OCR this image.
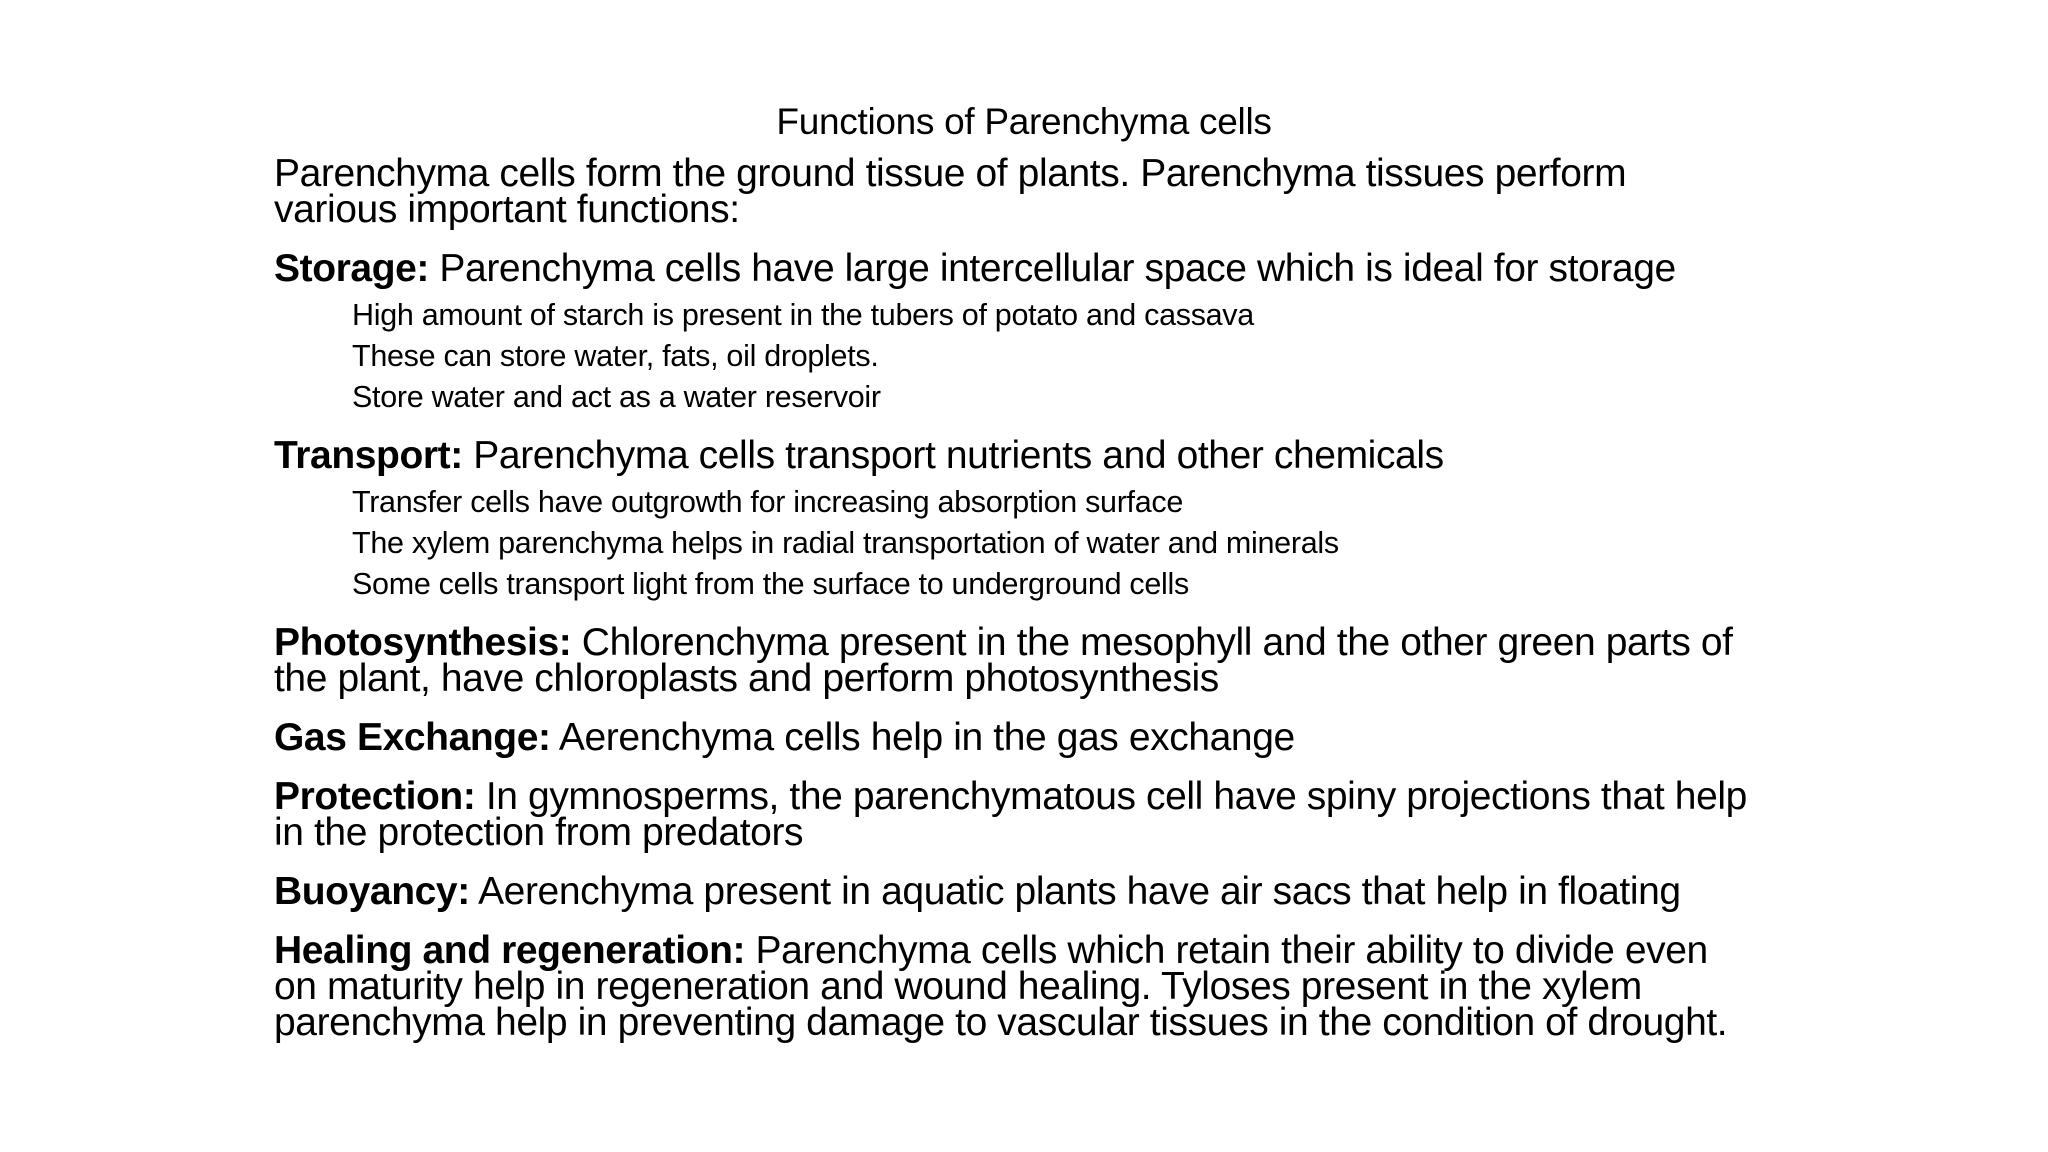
Functions of Parenchyma cells
Parenchyma cells form the ground tissue of plants. Parenchyma tissues perform
various important functions:
Storage: Parenchyma cells have large intercellular space which is ideal for storage
High amount of starch is present in the tubers of potato and cassava
These can store water, fats, oil droplets.
Store water and act as a water reservoir
Transport: Parenchyma cells transport nutrients and other chemicals
Transfer cells have outgrowth for increasing absorption surface
The xylem parenchyma helps in radial transportation of water and minerals
Some cells transport light from the surface to underground cells
Photosynthesis: Chlorenchyma present in the mesophyll and the other green parts of
the plant, have chloroplasts and perform photosynthesis
Gas Exchange: Aerenchyma cells help in the gas exchange
Protection: In gymnosperms, the parenchymatous cell have spiny projections that help
in the protection from predators
Buoyancy: Aerenchyma present in aquatic plants have air sacs that help in floating
Healing and regeneration: Parenchyma cells which retain their ability to divide even
on maturity help in regeneration and wound healing. Tyloses present in the xylem
parenchyma help in preventing damage to vascular tissues in the condition of drought.
